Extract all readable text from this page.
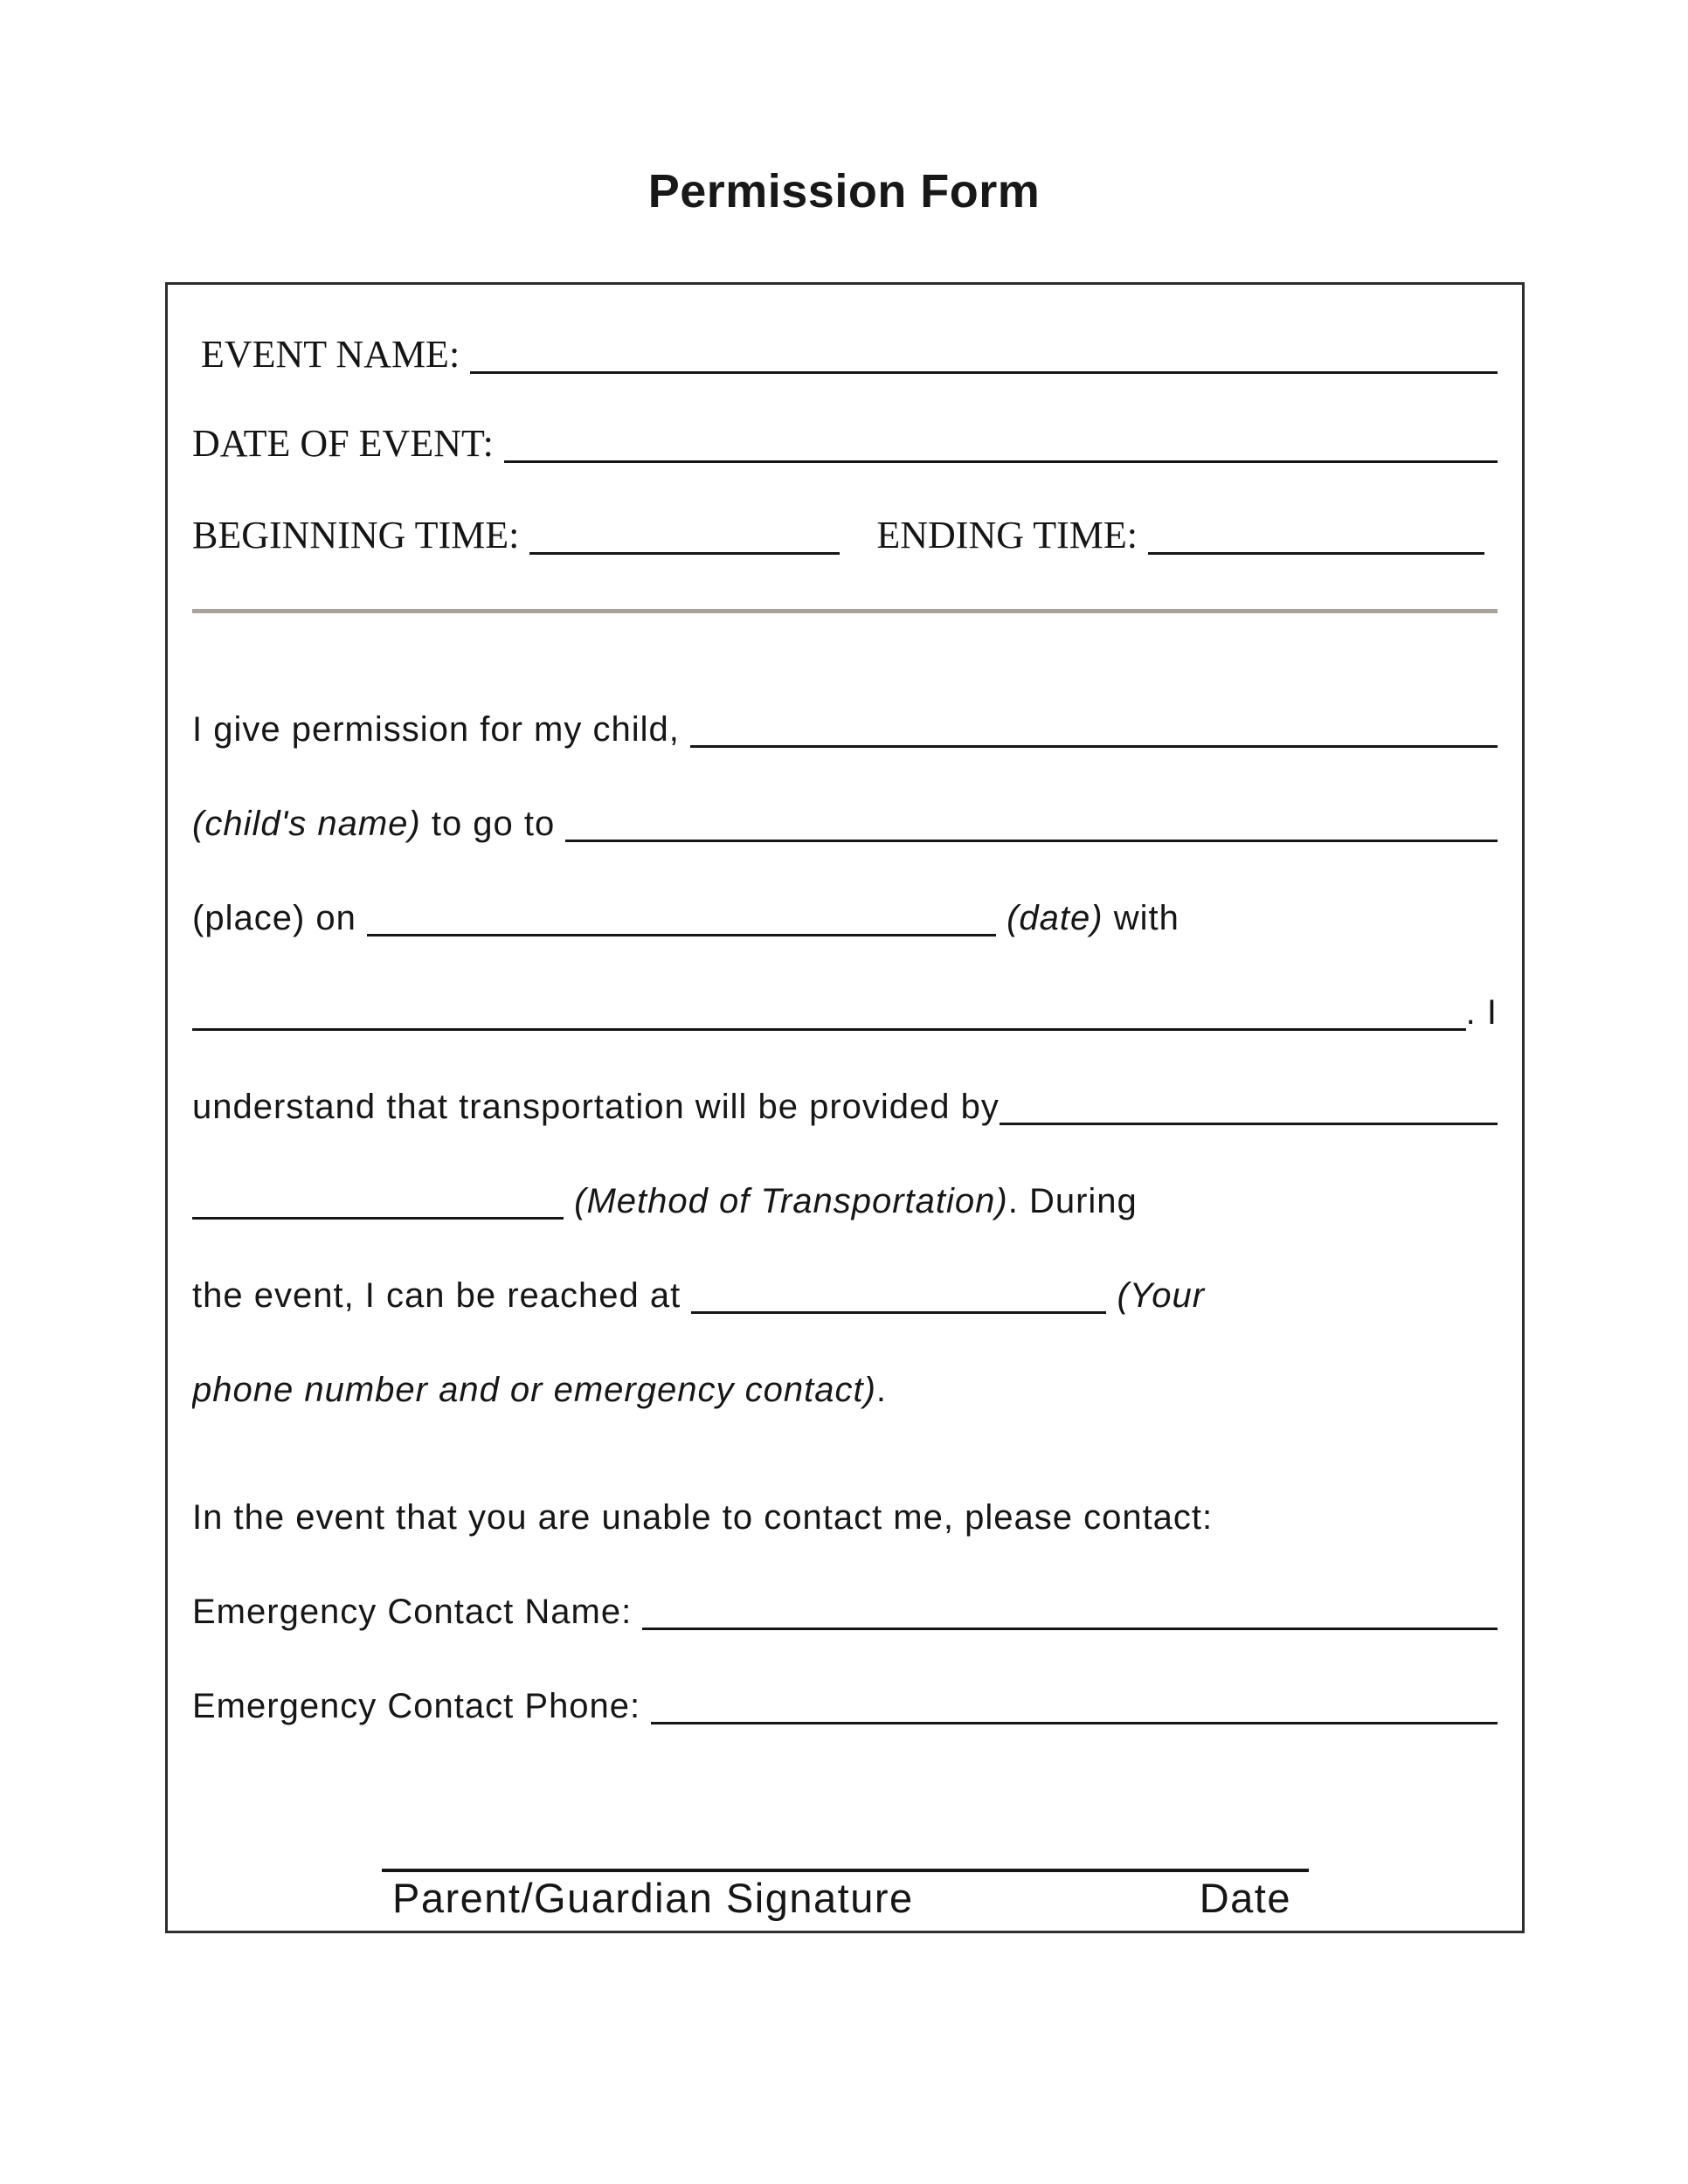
Permission Form
EVENT NAME:
DATE OF EVENT:
BEGINNING TIME:	ENDING TIME:
I give permission for my child,
(child's name) to go to
(place) on
	(date) with
. I
understand that transportation will be provided by

(Method of Transportation) . During
the event, I can be reached at
	(Your
phone number and or emergency contact) .
In the event that you are unable to contact me, please contact:
Emergency Contact Name:
Emergency Contact Phone:
Parent/Guardian Signature	Date
